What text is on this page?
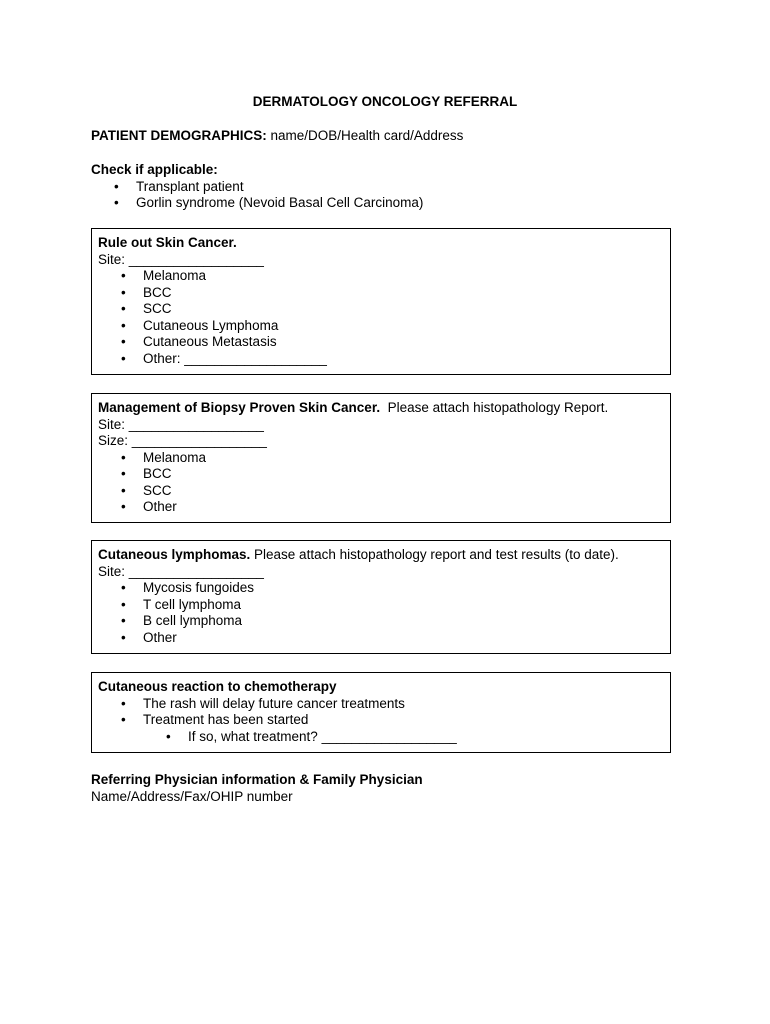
DERMATOLOGY ONCOLOGY REFERRAL
PATIENT DEMOGRAPHICS: name/DOB/Health card/Address
Check if applicable:
• Transplant patient
• Gorlin syndrome (Nevoid Basal Cell Carcinoma)
Rule out Skin Cancer.
Site: __________________
• Melanoma
• BCC
• SCC
• Cutaneous Lymphoma
• Cutaneous Metastasis
• Other: ___________________
Management of Biopsy Proven Skin Cancer.  Please attach histopathology Report.
Site: __________________
Size: __________________
• Melanoma
• BCC
• SCC
• Other
Cutaneous lymphomas. Please attach histopathology report and test results (to date).
Site: __________________
• Mycosis fungoides
• T cell lymphoma
• B cell lymphoma
• Other
Cutaneous reaction to chemotherapy
• The rash will delay future cancer treatments
• Treatment has been started
• If so, what treatment? __________________
Referring Physician information & Family Physician
Name/Address/Fax/OHIP number
